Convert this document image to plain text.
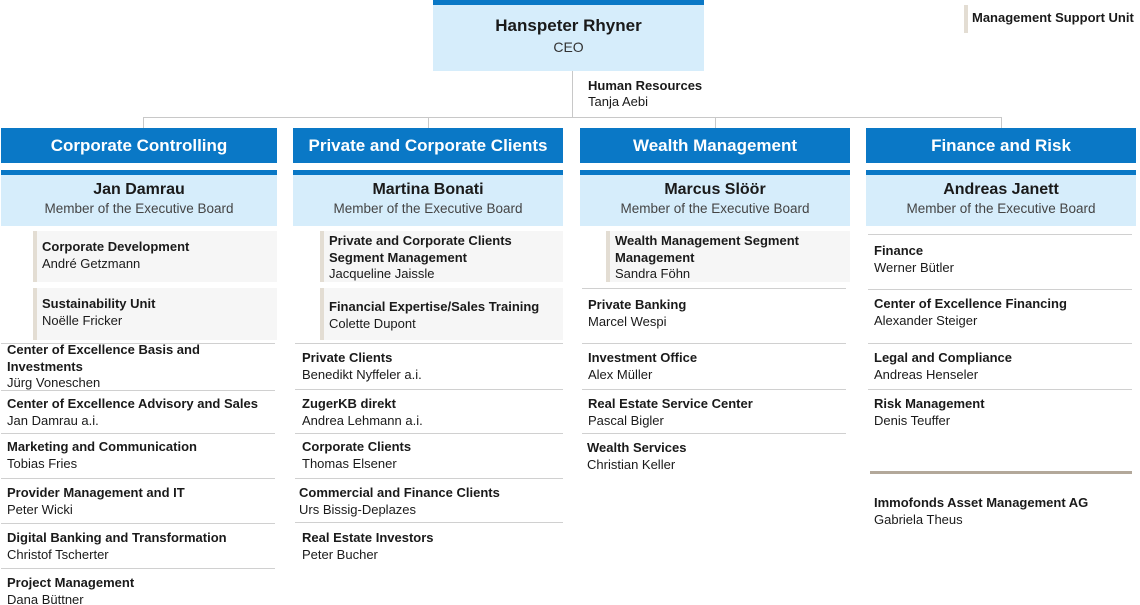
Hanspeter Rhyner
CEO
Management Support Unit
Human Resources
Tanja Aebi
Corporate Controlling
Jan Damrau
Member of the Executive Board
Corporate Development
André Getzmann
Sustainability Unit
Noëlle Fricker
Center of Excellence Basis and Investments
Jürg Voneschen
Center of Excellence Advisory and Sales
Jan Damrau a.i.
Marketing and Communication
Tobias Fries
Provider Management and IT
Peter Wicki
Digital Banking and Transformation
Christof Tscherter
Project Management
Dana Büttner
Private and Corporate Clients
Martina Bonati
Member of the Executive Board
Private and Corporate Clients Segment Management
Jacqueline Jaissle
Financial Expertise/Sales Training
Colette Dupont
Private Clients
Benedikt Nyffeler a.i.
ZugerKB direkt
Andrea Lehmann a.i.
Corporate Clients
Thomas Elsener
Commercial and Finance Clients
Urs Bissig-Deplazes
Real Estate Investors
Peter Bucher
Wealth Management
Marcus Slöör
Member of the Executive Board
Wealth Management Segment Management
Sandra Föhn
Private Banking
Marcel Wespi
Investment Office
Alex Müller
Real Estate Service Center
Pascal Bigler
Wealth Services
Christian Keller
Finance and Risk
Andreas Janett
Member of the Executive Board
Finance
Werner Bütler
Center of Excellence Financing
Alexander Steiger
Legal and Compliance
Andreas Henseler
Risk Management
Denis Teuffer
Immofonds Asset Management AG
Gabriela Theus
